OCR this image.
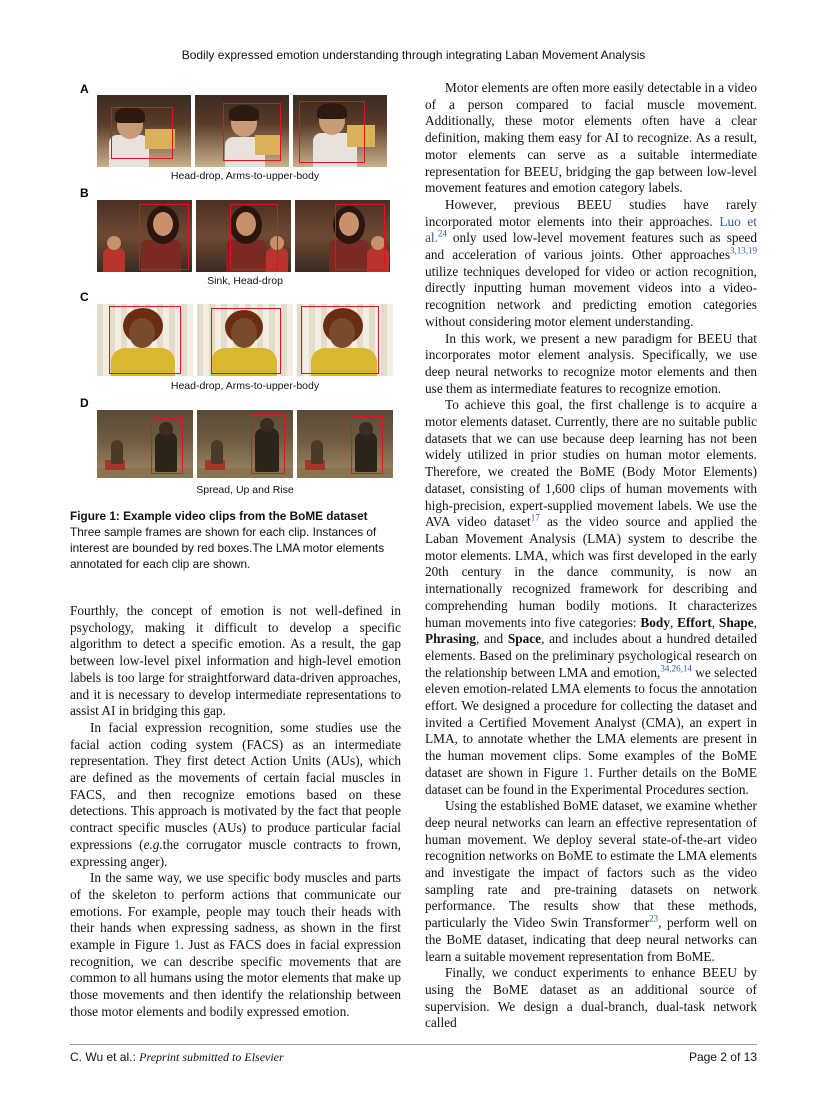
Bodily expressed emotion understanding through integrating Laban Movement Analysis
A
Head-drop, Arms-to-upper-body
B
Sink, Head-drop
C
Head-drop, Arms-to-upper-body
D
Spread, Up and Rise
Figure 1: Example video clips from the BoME dataset
Three sample frames are shown for each clip. Instances of interest are bounded by red boxes.The LMA motor elements annotated for each clip are shown.

Fourthly, the concept of emotion is not well-defined in psychology, making it difficult to develop a specific algorithm to detect a specific emotion. As a result, the gap between low-level pixel information and high-level emotion labels is too large for straightforward data-driven approaches, and it is necessary to develop intermediate representations to assist AI in bridging this gap.

In facial expression recognition, some studies use the facial action coding system (FACS) as an intermediate representation. They first detect Action Units (AUs), which are defined as the movements of certain facial muscles in FACS, and then recognize emotions based on these detections. This approach is motivated by the fact that people contract specific muscles (AUs) to produce particular facial expressions (e.g.the corrugator muscle contracts to frown, expressing anger).

In the same way, we use specific body muscles and parts of the skeleton to perform actions that communicate our emotions. For example, people may touch their heads with their hands when expressing sadness, as shown in the first example in Figure 1. Just as FACS does in facial expression recognition, we can describe specific movements that are common to all humans using the motor elements that make up those movements and then identify the relationship between those motor elements and bodily expressed emotion.

Motor elements are often more easily detectable in a video of a person compared to facial muscle movement. Additionally, these motor elements often have a clear definition, making them easy for AI to recognize. As a result, motor elements can serve as a suitable intermediate representation for BEEU, bridging the gap between low-level movement features and emotion category labels.

However, previous BEEU studies have rarely incorporated motor elements into their approaches. Luo et al.$^{24}$ only used low-level movement features such as speed and acceleration of various joints. Other approaches$^{3,13,19}$ utilize techniques developed for video or action recognition, directly inputting human movement videos into a video-recognition network and predicting emotion categories without considering motor element understanding.

In this work, we present a new paradigm for BEEU that incorporates motor element analysis. Specifically, we use deep neural networks to recognize motor elements and then use them as intermediate features to recognize emotion.

To achieve this goal, the first challenge is to acquire a motor elements dataset. Currently, there are no suitable public datasets that we can use because deep learning has not been widely utilized in prior studies on human motor elements. Therefore, we created the BoME (Body Motor Elements) dataset, consisting of 1,600 clips of human movements with high-precision, expert-supplied movement labels. We use the AVA video dataset$^{17}$ as the video source and applied the Laban Movement Analysis (LMA) system to describe the motor elements. LMA, which was first developed in the early 20th century in the dance community, is now an internationally recognized framework for describing and comprehending human bodily motions. It characterizes human movements into five categories: Body, Effort, Shape, Phrasing, and Space, and includes about a hundred detailed elements. Based on the preliminary psychological research on the relationship between LMA and emotion,$^{34,26,14}$ we selected eleven emotion-related LMA elements to focus the annotation effort. We designed a procedure for collecting the dataset and invited a Certified Movement Analyst (CMA), an expert in LMA, to annotate whether the LMA elements are present in the human movement clips. Some examples of the BoME dataset are shown in Figure 1. Further details on the BoME dataset can be found in the Experimental Procedures section.

Using the established BoME dataset, we examine whether deep neural networks can learn an effective representation of human movement. We deploy several state-of-the-art video recognition networks on BoME to estimate the LMA elements and investigate the impact of factors such as the video sampling rate and pre-training datasets on network performance. The results show that these methods, particularly the Video Swin Transformer$^{23}$, perform well on the BoME dataset, indicating that deep neural networks can learn a suitable movement representation from BoME.

Finally, we conduct experiments to enhance BEEU by using the BoME dataset as an additional source of supervision. We design a dual-branch, dual-task network called

C. Wu et al.: Preprint submitted to Elsevier	Page 2 of 13
